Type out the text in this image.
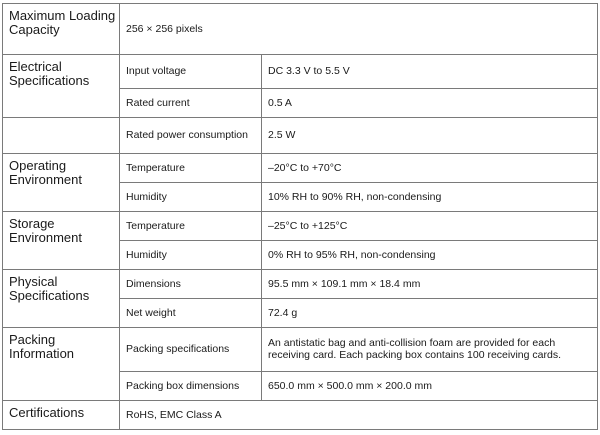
Maximum Loading Capacity	256 × 256 pixels	
Electrical Specifications	Input voltage	DC 3.3 V to 5.5 V
	Rated current	0.5 A
	Rated power consumption	2.5 W
Operating Environment	Temperature	–20°C to +70°C
	Humidity	10% RH to 90% RH, non-condensing
Storage Environment	Temperature	–25°C to +125°C
	Humidity	0% RH to 95% RH, non-condensing
Physical Specifications	Dimensions	95.5 mm × 109.1 mm × 18.4 mm
	Net weight	72.4 g
Packing Information	Packing specifications	An antistatic bag and anti-collision foam are provided for each receiving card. Each packing box contains 100 receiving cards.
	Packing box dimensions	650.0 mm × 500.0 mm × 200.0 mm
Certifications	RoHS, EMC Class A	
